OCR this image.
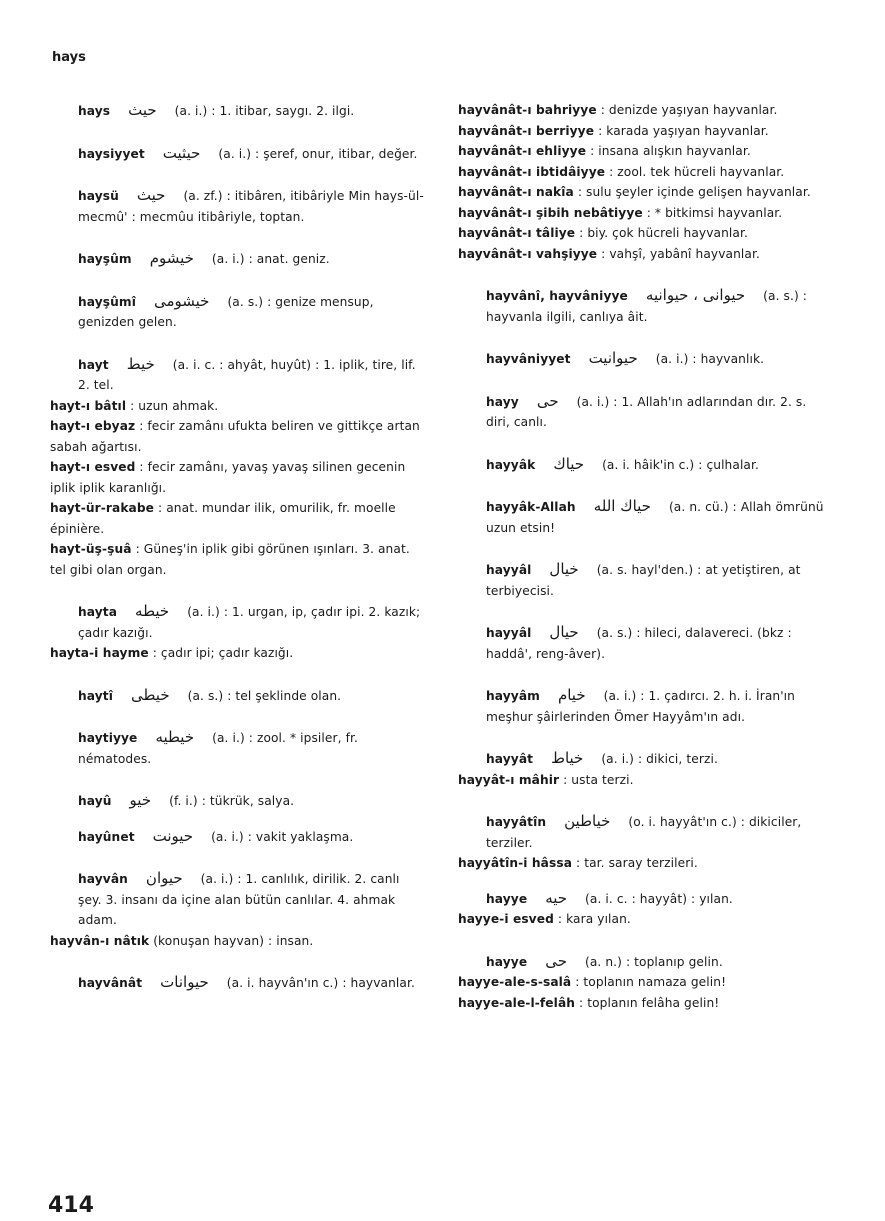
hays

hays حيث (a. i.) : 1. itibar, saygı. 2. ilgi.

haysiyyet حيثيت (a. i.) : şeref, onur, itibar, değer.

haysü حيث (a. zf.) : itibâren, itibâriyle Min hays-ül-mecmû' : mecmûu itibâriyle, toptan.

hayşûm خيشوم (a. i.) : anat. geniz.

hayşûmî خيشومى (a. s.) : genize mensup, genizden gelen.

hayt خيط (a. i. c. : ahyât, huyût) : 1. iplik, tire, lif. 2. tel.

hayt-ı bâtıl : uzun ahmak.

hayt-ı ebyaz : fecir zamânı ufukta beliren ve gittikçe artan sabah ağartısı.

hayt-ı esved : fecir zamânı, yavaş yavaş silinen gecenin iplik iplik karanlığı.

hayt-ür-rakabe : anat. mundar ilik, omurilik, fr. moelle épinière.

hayt-üş-şuâ : Güneş'in iplik gibi görünen ışınları. 3. anat. tel gibi olan organ.

hayta خيطه (a. i.) : 1. urgan, ip, çadır ipi. 2. kazık; çadır kazığı.

hayta-i hayme : çadır ipi; çadır kazığı.

haytî خيطى (a. s.) : tel şeklinde olan.

haytiyye خيطيه (a. i.) : zool. * ipsiler, fr. nématodes.

hayû خيو (f. i.) : tükrük, salya.

hayûnet حيونت (a. i.) : vakit yaklaşma.

hayvân حيوان (a. i.) : 1. canlılık, dirilik. 2. canlı şey. 3. insanı da içine alan bütün canlılar. 4. ahmak adam.

hayvân-ı nâtık (konuşan hayvan) : insan.

hayvânât حيوانات (a. i. hayvân'ın c.) : hayvanlar.

hayvânât-ı bahriyye : denizde yaşıyan hayvanlar.

hayvânât-ı berriyye : karada yaşıyan hayvanlar.

hayvânât-ı ehliyye : insana alışkın hayvanlar.

hayvânât-ı ibtidâiyye : zool. tek hücreli hayvanlar.

hayvânât-ı nakîa : sulu şeyler içinde gelişen hayvanlar.

hayvânât-ı şibih nebâtiyye : * bitkimsi hayvanlar.

hayvânât-ı tâliye : biy. çok hücreli hayvanlar.

hayvânât-ı vahşiyye : vahşî, yabânî hayvanlar.

hayvânî, hayvâniyye حيوانى ، حيوانيه (a. s.) : hayvanla ilgili, canlıya âit.

hayvâniyyet حيوانيت (a. i.) : hayvanlık.

hayy حى (a. i.) : 1. Allah'ın adlarından dır. 2. s. diri, canlı.

hayyâk حياك (a. i. hâik'in c.) : çulhalar.

hayyâk-Allah حياك الله (a. n. cü.) : Allah ömrünü uzun etsin!

hayyâl خيال (a. s. hayl'den.) : at yetiştiren, at terbiyecisi.

hayyâl حيال (a. s.) : hileci, dalavereci. (bkz : haddâ', reng-âver).

hayyâm خيام (a. i.) : 1. çadırcı. 2. h. i. İran'ın meşhur şâirlerinden Ömer Hayyâm'ın adı.

hayyât خياط (a. i.) : dikici, terzi.

hayyât-ı mâhir : usta terzi.

hayyâtîn خياطين (o. i. hayyât'ın c.) : dikiciler, terziler.

hayyâtîn-i hâssa : tar. saray terzileri.

hayye حيه (a. i. c. : hayyât) : yılan.

hayye-i esved : kara yılan.

hayye حى (a. n.) : toplanıp gelin.

hayye-ale-s-salâ : toplanın namaza gelin!

hayye-ale-l-felâh : toplanın felâha gelin!

414
